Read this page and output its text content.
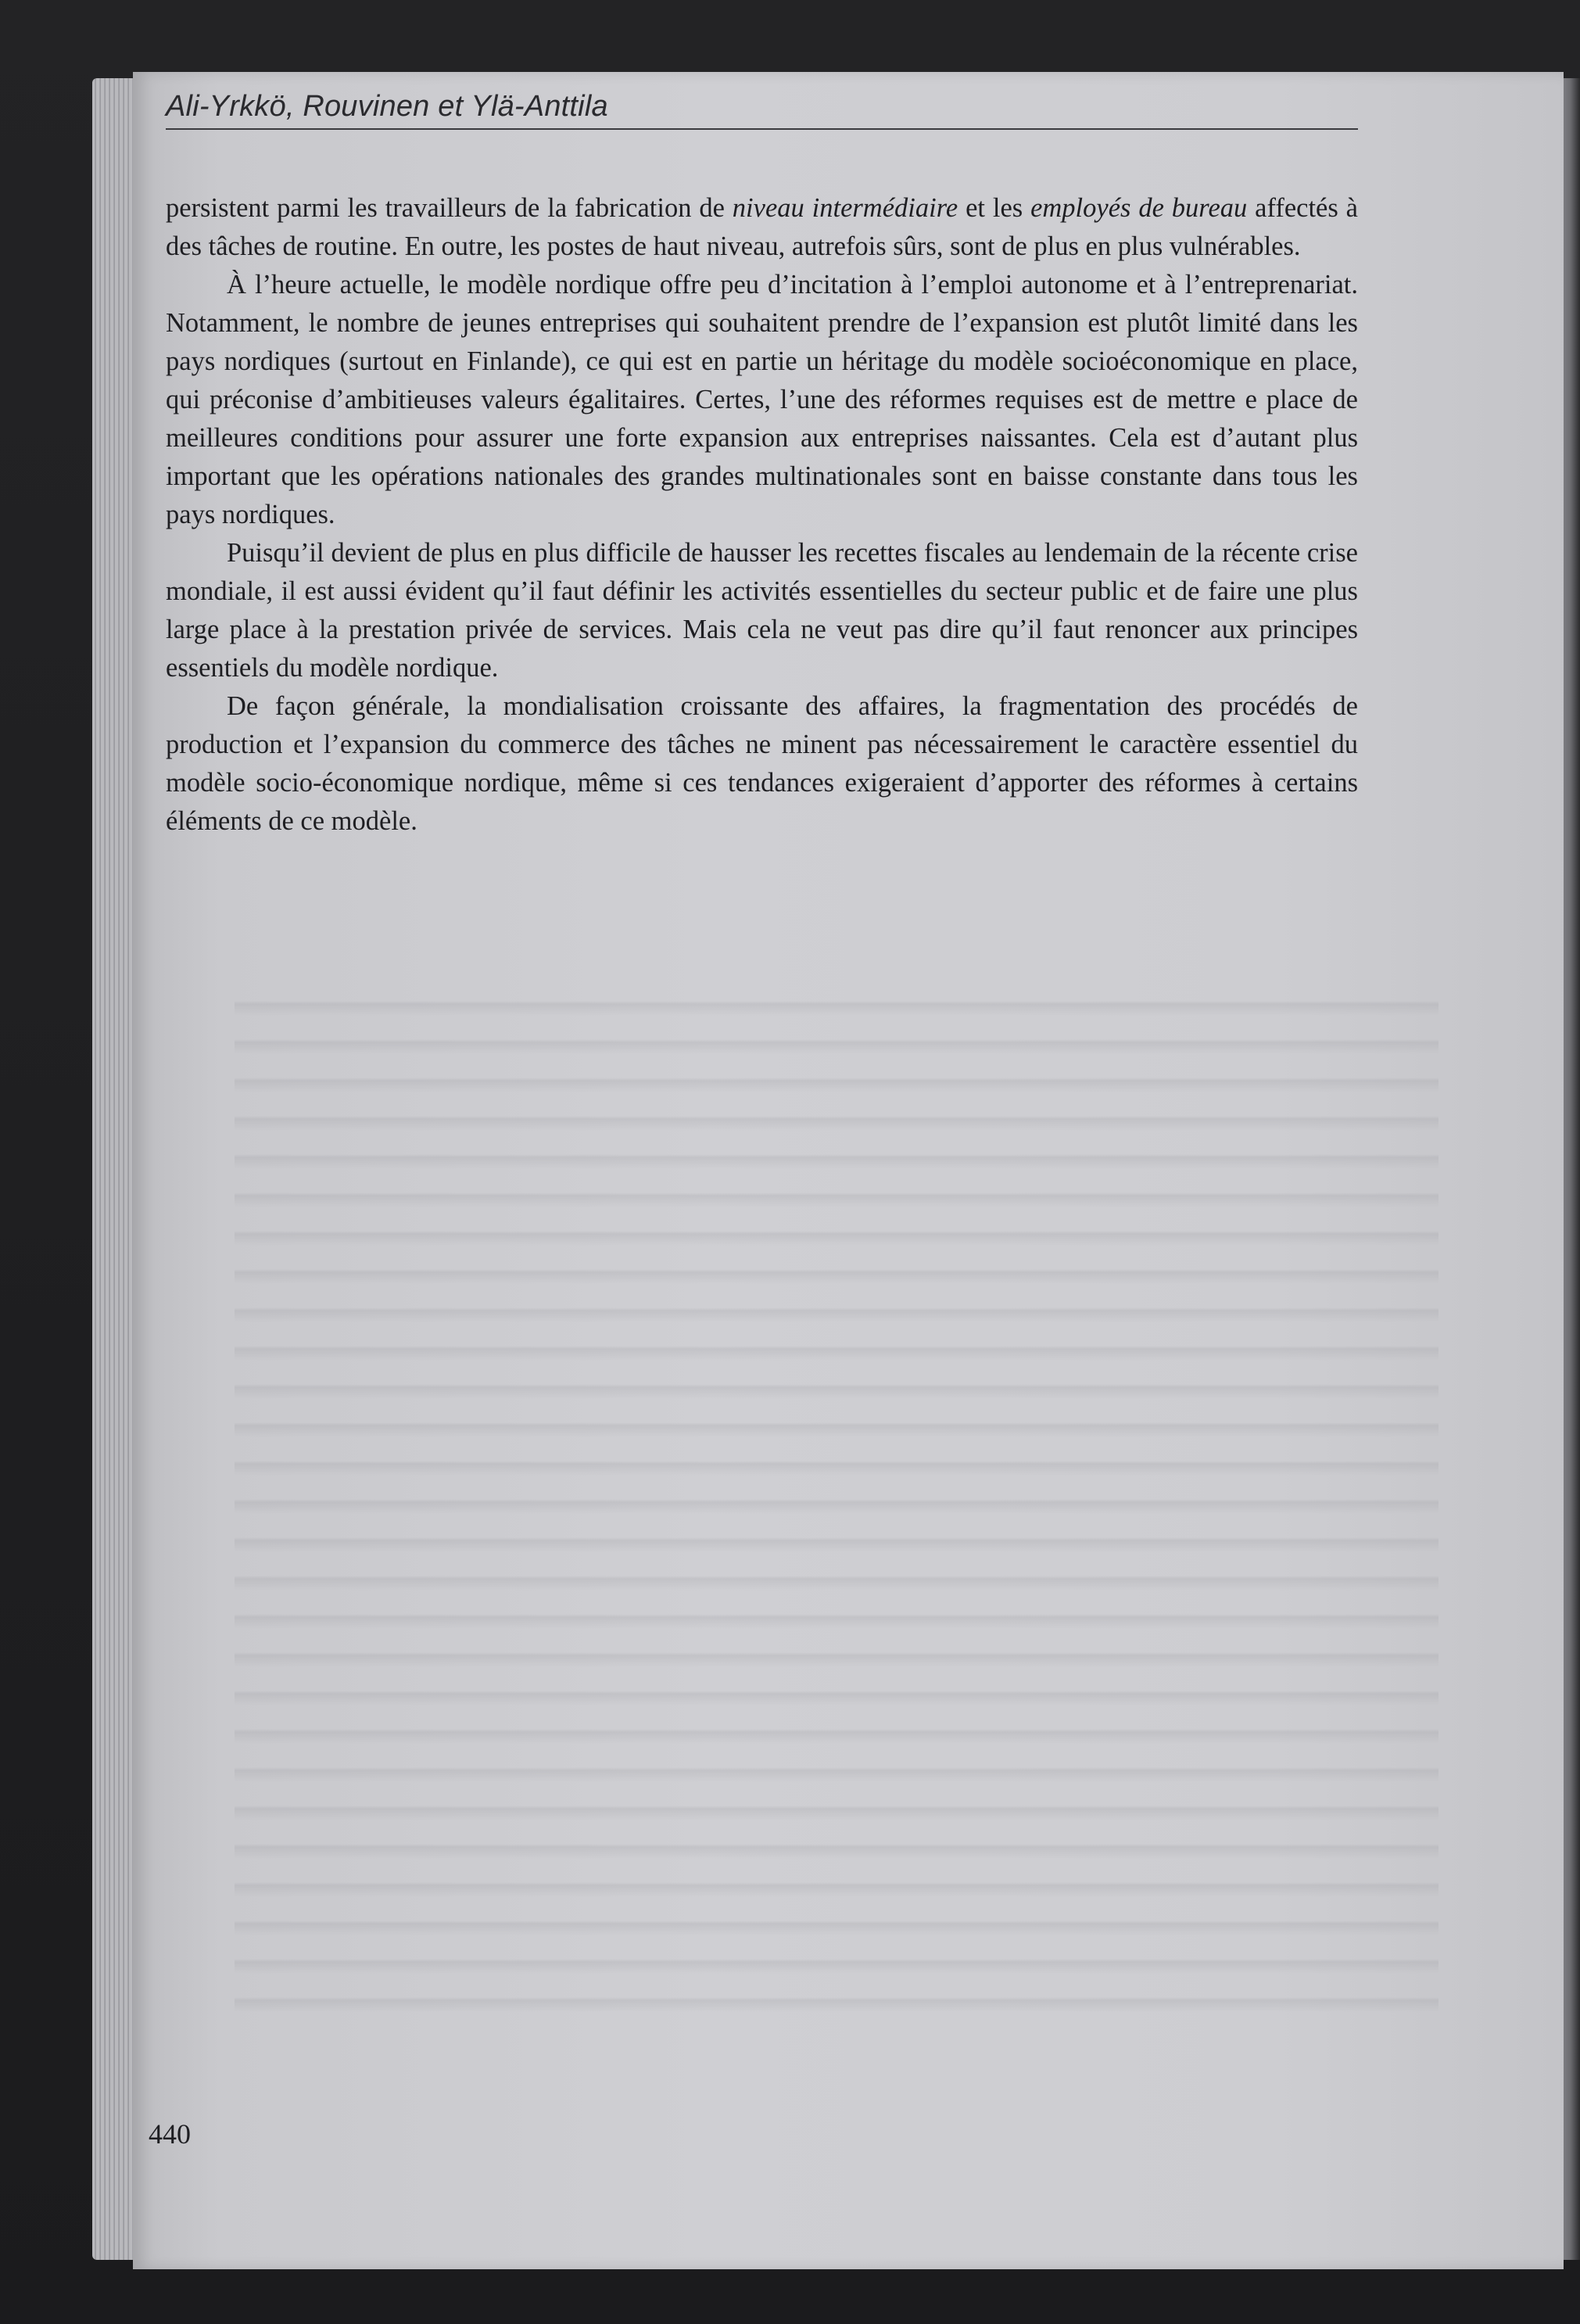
Ali-Yrkkö, Rouvinen et Ylä-Anttila

persistent parmi les travailleurs de la fabrication de niveau intermédiaire et les employés de bureau affectés à des tâches de routine. En outre, les postes de haut niveau, autrefois sûrs, sont de plus en plus vulnérables.

À l’heure actuelle, le modèle nordique offre peu d’incitation à l’emploi autonome et à l’entreprenariat. Notamment, le nombre de jeunes entreprises qui souhaitent prendre de l’expansion est plutôt limité dans les pays nordiques (surtout en Finlande), ce qui est en partie un héritage du modèle socioéconomique en place, qui préconise d’ambitieuses valeurs égalitaires. Certes, l’une des réformes requises est de mettre e place de meilleures conditions pour assurer une forte expansion aux entreprises naissantes. Cela est d’autant plus important que les opérations nationales des grandes multinationales sont en baisse constante dans tous les pays nordiques.

Puisqu’il devient de plus en plus difficile de hausser les recettes fiscales au lendemain de la récente crise mondiale, il est aussi évident qu’il faut définir les activités essentielles du secteur public et de faire une plus large place à la prestation privée de services. Mais cela ne veut pas dire qu’il faut renoncer aux principes essentiels du modèle nordique.

De façon générale, la mondialisation croissante des affaires, la fragmentation des procédés de production et l’expansion du commerce des tâches ne minent pas nécessairement le caractère essentiel du modèle socio-économique nordique, même si ces tendances exigeraient d’apporter des réformes à certains éléments de ce modèle.

440
